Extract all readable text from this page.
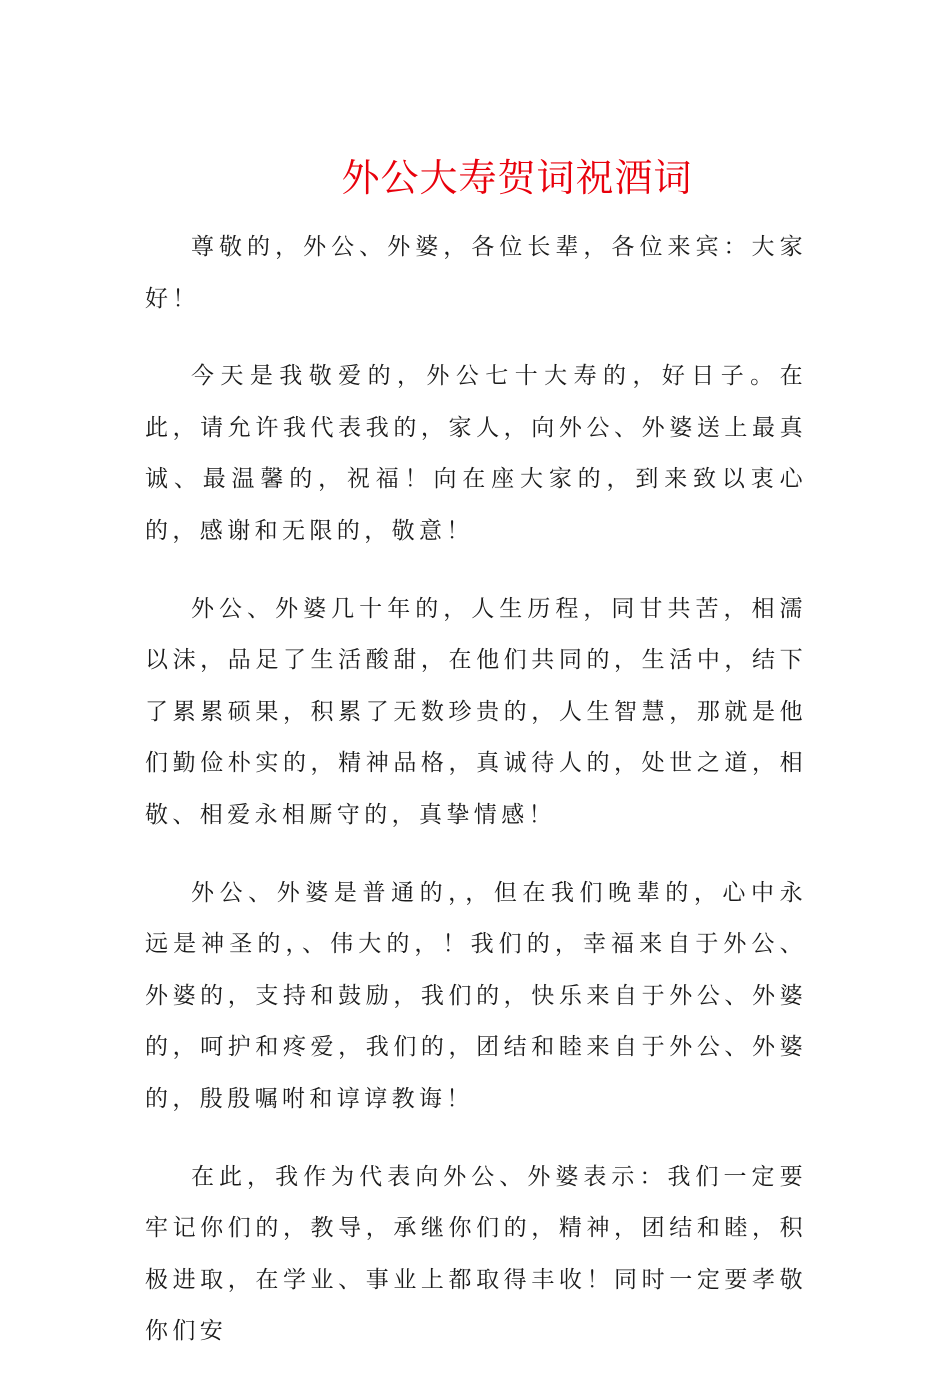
外公大寿贺词祝酒词

尊敬的，外公、外婆，各位长辈，各位来宾：大家好！

今天是我敬爱的，外公七十大寿的，好日子。在此，请允许我代表我的，家人，向外公、外婆送上最真诚、最温馨的，祝福！向在座大家的，到来致以衷心的，感谢和无限的，敬意！

外公、外婆几十年的，人生历程，同甘共苦，相濡以沫，品足了生活酸甜，在他们共同的，生活中，结下了累累硕果，积累了无数珍贵的，人生智慧，那就是他们勤俭朴实的，精神品格，真诚待人的，处世之道，相敬、相爱永相厮守的，真挚情感！

外公、外婆是普通的，，但在我们晚辈的，心中永远是神圣的，、伟大的，！我们的，幸福来自于外公、外婆的，支持和鼓励，我们的，快乐来自于外公、外婆的，呵护和疼爱，我们的，团结和睦来自于外公、外婆的，殷殷嘱咐和谆谆教诲！

在此，我作为代表向外公、外婆表示：我们一定要牢记你们的，教导，承继你们的，精神，团结和睦，积极进取，在学业、事业上都取得丰收！同时一定要孝敬你们安
